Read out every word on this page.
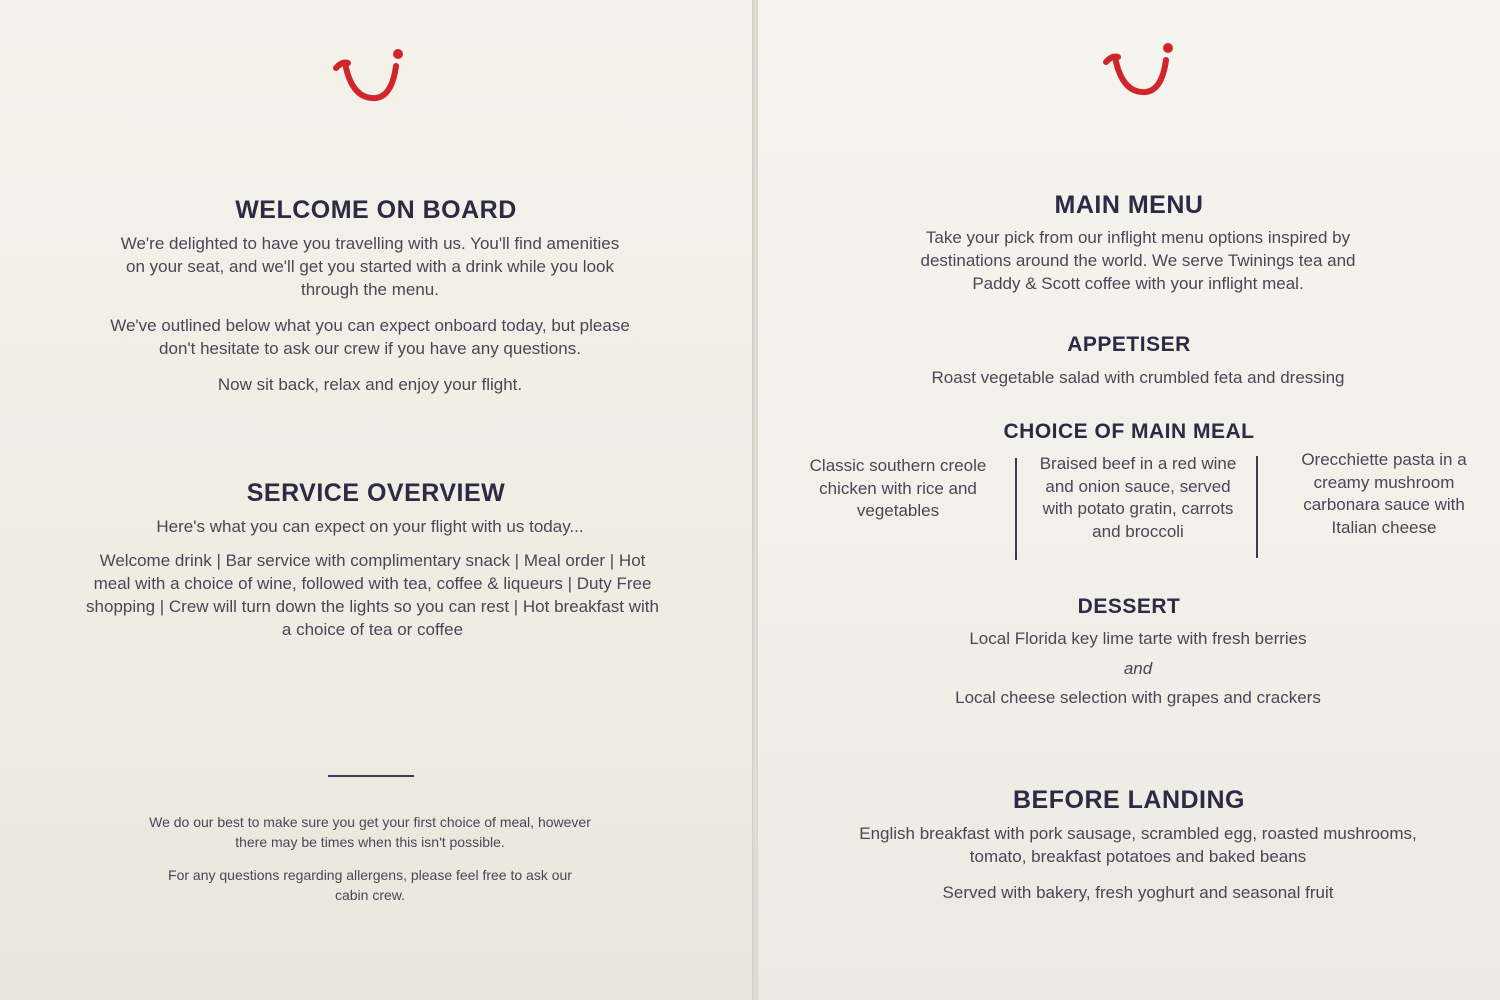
WELCOME ON BOARD
We're delighted to have you travelling with us. You'll find amenities on your seat, and we'll get you started with a drink while you look through the menu.
We've outlined below what you can expect onboard today, but please don't hesitate to ask our crew if you have any questions.
Now sit back, relax and enjoy your flight.
SERVICE OVERVIEW
Here's what you can expect on your flight with us today...
Welcome drink | Bar service with complimentary snack | Meal order | Hot meal with a choice of wine, followed with tea, coffee & liqueurs | Duty Free shopping | Crew will turn down the lights so you can rest | Hot breakfast with a choice of tea or coffee
We do our best to make sure you get your first choice of meal, however there may be times when this isn't possible.
For any questions regarding allergens, please feel free to ask our cabin crew.
MAIN MENU
Take your pick from our inflight menu options inspired by destinations around the world. We serve Twinings tea and Paddy & Scott coffee with your inflight meal.
APPETISER
Roast vegetable salad with crumbled feta and dressing
CHOICE OF MAIN MEAL
Classic southern creole chicken with rice and vegetables
Braised beef in a red wine and onion sauce, served with potato gratin, carrots and broccoli
Orecchiette pasta in a creamy mushroom carbonara sauce with Italian cheese
DESSERT
Local Florida key lime tarte with fresh berries
and
Local cheese selection with grapes and crackers
BEFORE LANDING
English breakfast with pork sausage, scrambled egg, roasted mushrooms, tomato, breakfast potatoes and baked beans
Served with bakery, fresh yoghurt and seasonal fruit
